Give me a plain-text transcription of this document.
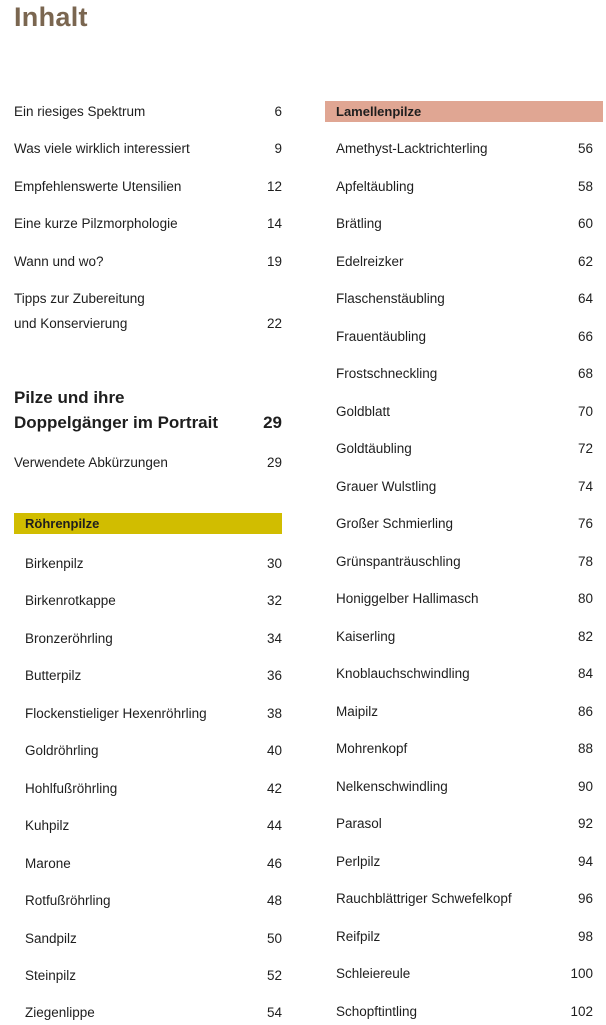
Inhalt
Ein riesiges Spektrum	6
Was viele wirklich interessiert	9
Empfehlenswerte Utensilien	12
Eine kurze Pilzmorphologie	14
Wann und wo?	19
Tipps zur Zubereitung
und Konservierung	22
Pilze und ihre
Doppelgänger im Portrait	29
Verwendete Abkürzungen	29
Röhrenpilze
Birkenpilz	30
Birkenrotkappe	32
Bronzeröhrling	34
Butterpilz	36
Flockenstieliger Hexenröhrling	38
Goldröhrling	40
Hohlfußröhrling	42
Kuhpilz	44
Marone	46
Rotfußröhrling	48
Sandpilz	50
Steinpilz	52
Ziegenlippe	54
Lamellenpilze
Amethyst-Lacktrichterling	56
Apfeltäubling	58
Brätling	60
Edelreizker	62
Flaschenstäubling	64
Frauentäubling	66
Frostschneckling	68
Goldblatt	70
Goldtäubling	72
Grauer Wulstling	74
Großer Schmierling	76
Grünspanträuschling	78
Honiggelber Hallimasch	80
Kaiserling	82
Knoblauchschwindling	84
Maipilz	86
Mohrenkopf	88
Nelkenschwindling	90
Parasol	92
Perlpilz	94
Rauchblättriger Schwefelkopf	96
Reifpilz	98
Schleiereule	100
Schopftintling	102
